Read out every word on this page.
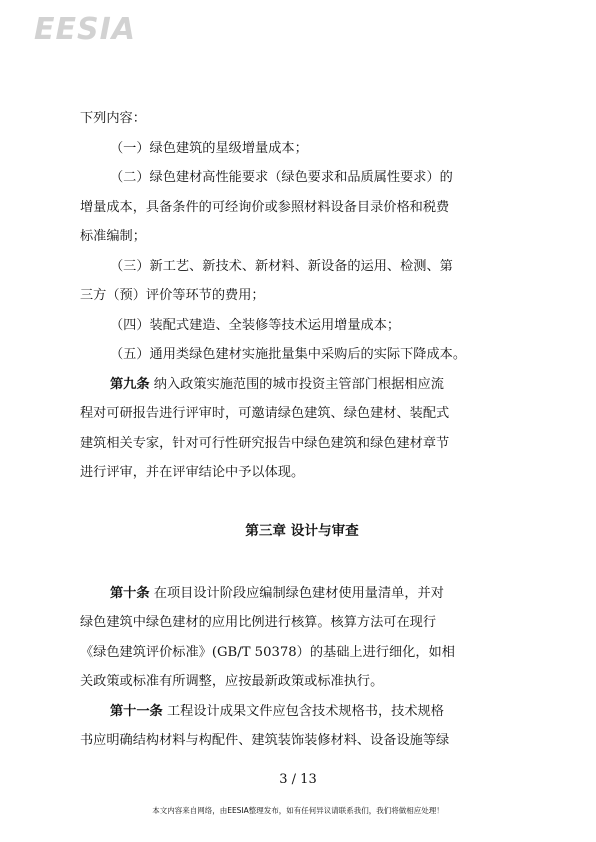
EESIA
下列内容：
（一）绿色建筑的星级增量成本；
（二）绿色建材高性能要求（绿色要求和品质属性要求）的
增量成本，具备条件的可经询价或参照材料设备目录价格和税费
标准编制；
（三）新工艺、新技术、新材料、新设备的运用、检测、第
三方（预）评价等环节的费用；
（四）装配式建造、全装修等技术运用增量成本；
（五）通用类绿色建材实施批量集中采购后的实际下降成本。
第九条 纳入政策实施范围的城市投资主管部门根据相应流
程对可研报告进行评审时，可邀请绿色建筑、绿色建材、装配式
建筑相关专家，针对可行性研究报告中绿色建筑和绿色建材章节
进行评审，并在评审结论中予以体现。
第三章 设计与审查
第十条 在项目设计阶段应编制绿色建材使用量清单，并对
绿色建筑中绿色建材的应用比例进行核算。核算方法可在现行
《绿色建筑评价标准》(GB/T 50378）的基础上进行细化，如相
关政策或标准有所调整，应按最新政策或标准执行。
第十一条 工程设计成果文件应包含技术规格书，技术规格
书应明确结构材料与构配件、建筑装饰装修材料、设备设施等绿
3 / 13
本文内容来自网络，由EESIA整理发布，如有任何异议请联系我们，我们将做相应处理！
